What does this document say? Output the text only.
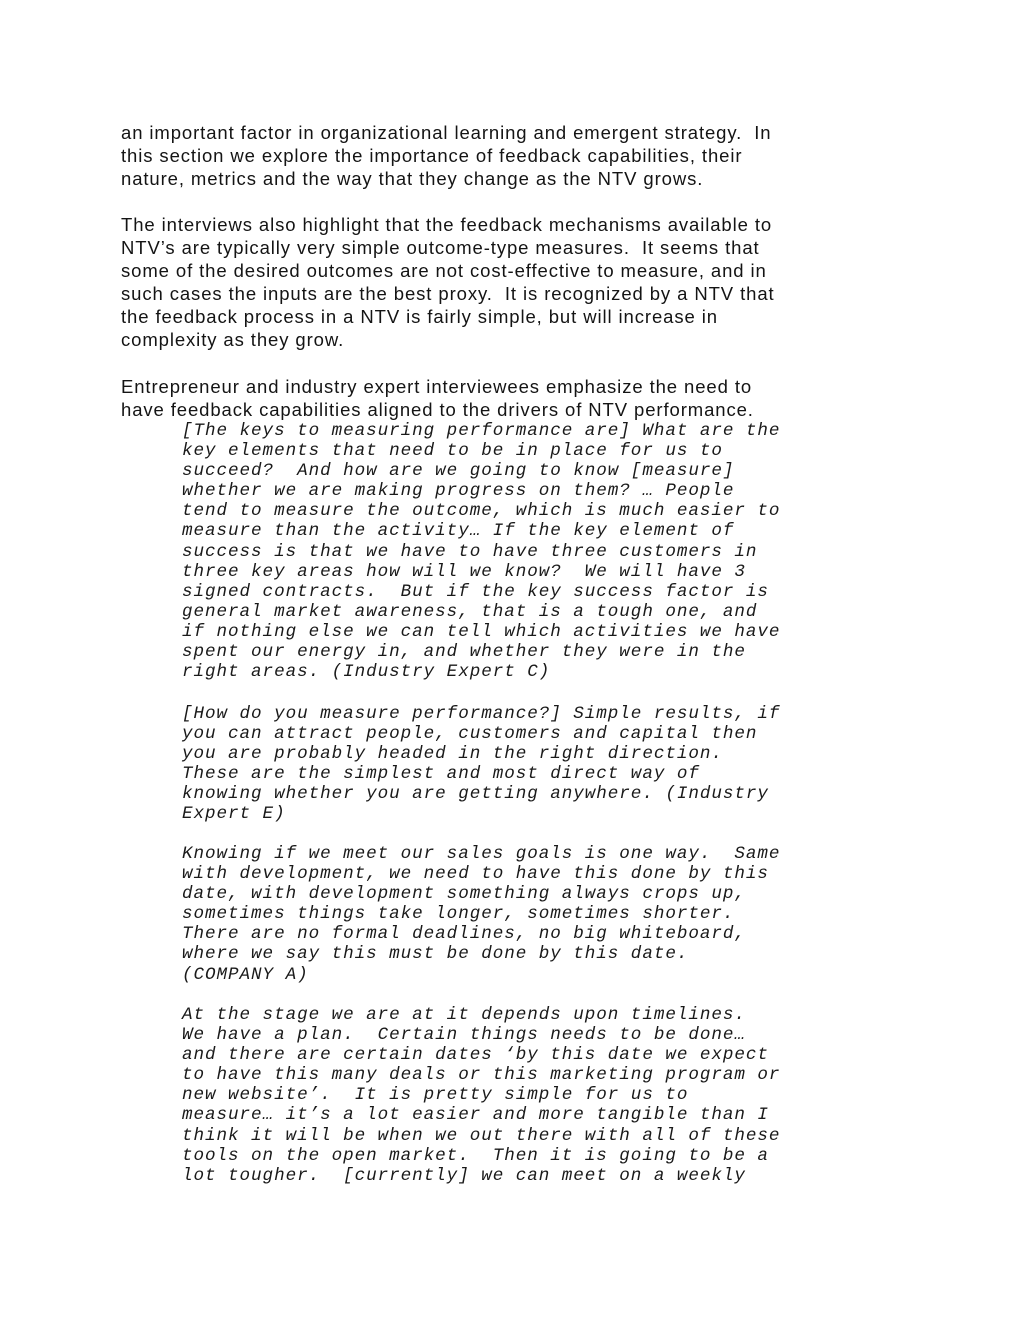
an important factor in organizational learning and emergent strategy.  In
this section we explore the importance of feedback capabilities, their
nature, metrics and the way that they change as the NTV grows.

The interviews also highlight that the feedback mechanisms available to
NTV’s are typically very simple outcome-type measures.  It seems that
some of the desired outcomes are not cost-effective to measure, and in
such cases the inputs are the best proxy.  It is recognized by a NTV that
the feedback process in a NTV is fairly simple, but will increase in
complexity as they grow.

Entrepreneur and industry expert interviewees emphasize the need to
have feedback capabilities aligned to the drivers of NTV performance.

[The keys to measuring performance are] What are the
key elements that need to be in place for us to
succeed?  And how are we going to know [measure]
whether we are making progress on them? … People
tend to measure the outcome, which is much easier to
measure than the activity… If the key element of
success is that we have to have three customers in
three key areas how will we know?  We will have 3
signed contracts.  But if the key success factor is
general market awareness, that is a tough one, and
if nothing else we can tell which activities we have
spent our energy in, and whether they were in the
right areas. (Industry Expert C)

[How do you measure performance?] Simple results, if
you can attract people, customers and capital then
you are probably headed in the right direction.
These are the simplest and most direct way of
knowing whether you are getting anywhere. (Industry
Expert E)

Knowing if we meet our sales goals is one way.  Same
with development, we need to have this done by this
date, with development something always crops up,
sometimes things take longer, sometimes shorter.
There are no formal deadlines, no big whiteboard,
where we say this must be done by this date.
(COMPANY A)

At the stage we are at it depends upon timelines.
We have a plan.  Certain things needs to be done…
and there are certain dates ‘by this date we expect
to have this many deals or this marketing program or
new website’.  It is pretty simple for us to
measure… it’s a lot easier and more tangible than I
think it will be when we out there with all of these
tools on the open market.  Then it is going to be a
lot tougher.  [currently] we can meet on a weekly
